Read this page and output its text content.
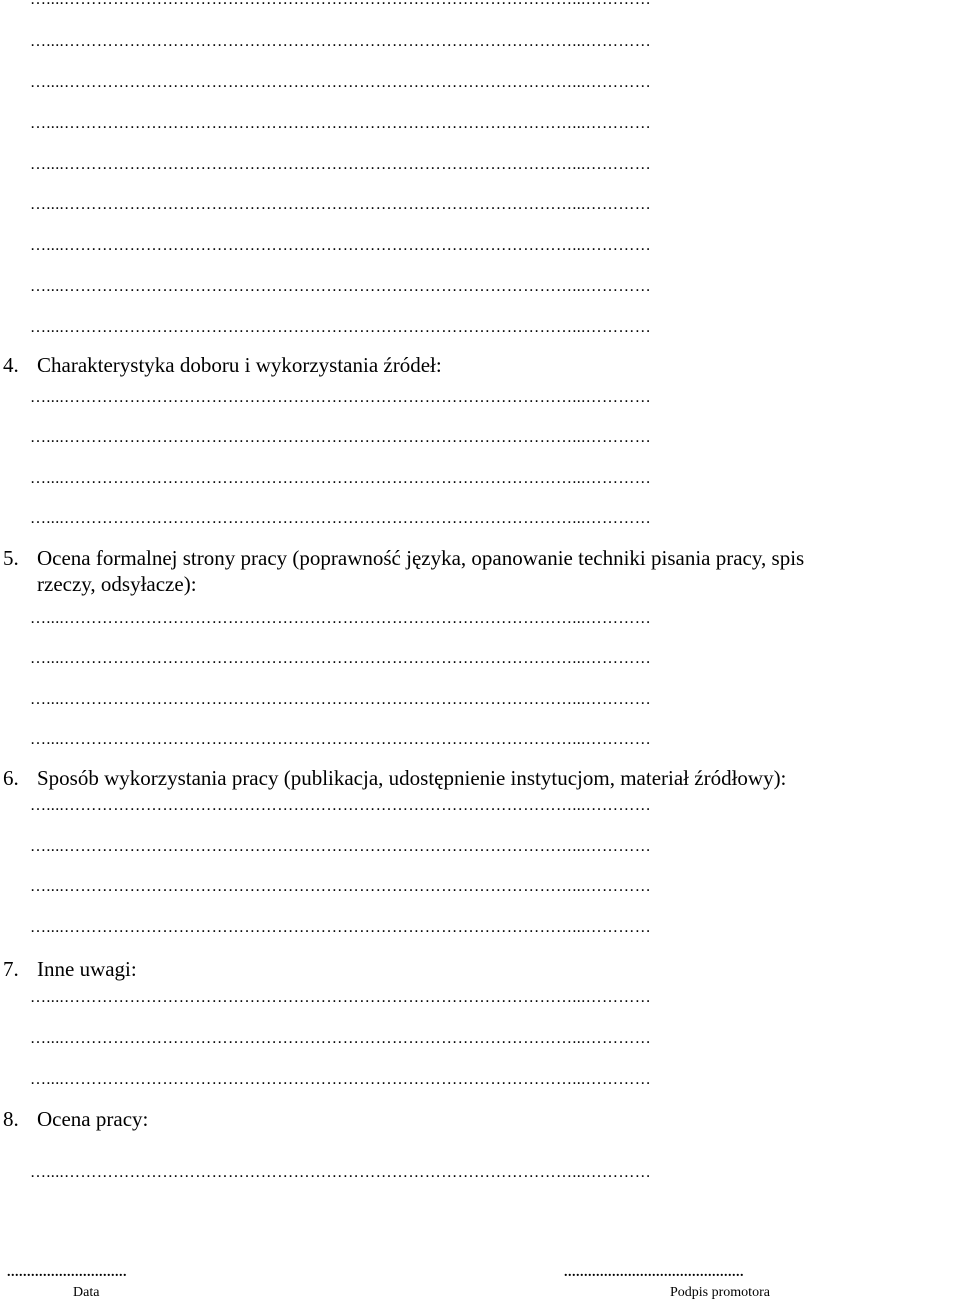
…....…………………………………………………………………………………...…………
…....…………………………………………………………………………………...…………
…....…………………………………………………………………………………...…………
…....…………………………………………………………………………………...…………
…....…………………………………………………………………………………...…………
…....…………………………………………………………………………………...…………
…....…………………………………………………………………………………...…………
…....…………………………………………………………………………………...…………
4. Charakterystyka doboru i wykorzystania źródeł:
…....…………………………………………………………………………………...…………
…....…………………………………………………………………………………...…………
…....…………………………………………………………………………………...…………
…....…………………………………………………………………………………...…………
5. Ocena formalnej strony pracy (poprawność języka, opanowanie techniki pisania pracy, spis
rzeczy, odsyłacze):
…....…………………………………………………………………………………...…………
…....…………………………………………………………………………………...…………
…....…………………………………………………………………………………...…………
…....…………………………………………………………………………………...…………
6. Sposób wykorzystania pracy (publikacja, udostępnienie instytucjom, materiał źródłowy):
…....…………………………………………………………………………………...…………
…....…………………………………………………………………………………...…………
…....…………………………………………………………………………………...…………
…....…………………………………………………………………………………...…………
7. Inne uwagi:
…....…………………………………………………………………………………...…………
…....…………………………………………………………………………………...…………
…....…………………………………………………………………………………...…………
8. Ocena pracy:
…....…………………………………………………………………………………...…………
..............................
Data
.............................................
Podpis promotora
